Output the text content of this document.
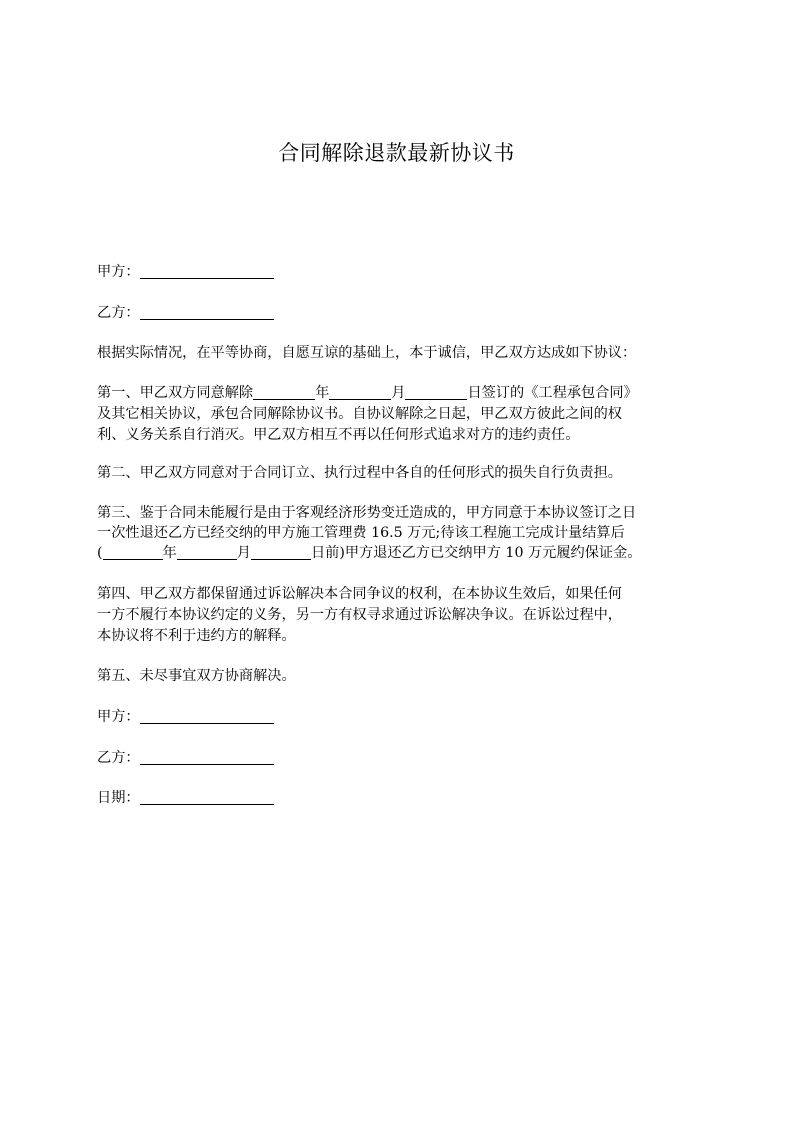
合同解除退款最新协议书
甲方：
乙方：
根据实际情况，在平等协商，自愿互谅的基础上，本于诚信，甲乙双方达成如下协议：
第一、甲乙双方同意解除	年	月	日签订的《工程承包合同》
及其它相关协议，承包合同解除协议书。自协议解除之日起，甲乙双方彼此之间的权
利、义务关系自行消灭。甲乙双方相互不再以任何形式追求对方的违约责任。
第二、甲乙双方同意对于合同订立、执行过程中各自的任何形式的损失自行负责担。
第三、鉴于合同未能履行是由于客观经济形势变迁造成的，甲方同意于本协议签订之日
一次性退还乙方已经交纳的甲方施工管理费 16.5 万元;待该工程施工完成计量结算后
(	年	月	日前)甲方退还乙方已交纳甲方 10 万元履约保证金。
第四、甲乙双方都保留通过诉讼解决本合同争议的权利，在本协议生效后，如果任何
一方不履行本协议约定的义务，另一方有权寻求通过诉讼解决争议。在诉讼过程中，
本协议将不利于违约方的解释。
第五、未尽事宜双方协商解决。
甲方：
乙方：
日期：
